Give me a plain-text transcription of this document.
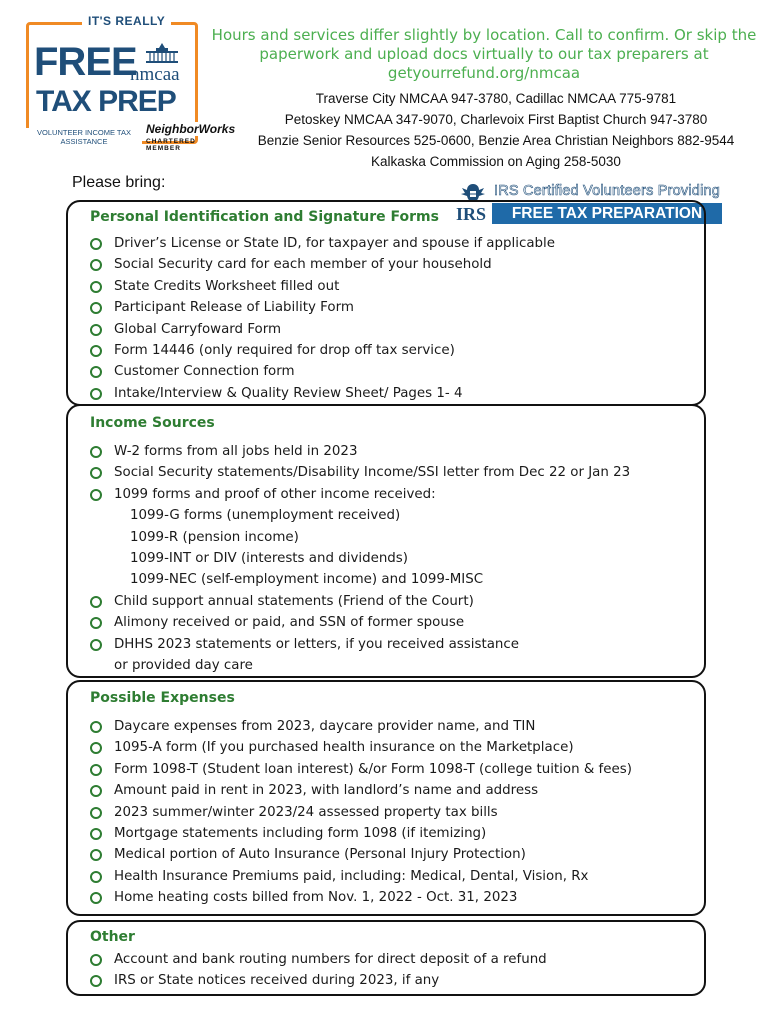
IT'S REALLY
FREE
nmcaa
TAX PREP
VOLUNTEER INCOME TAX ASSISTANCE
NeighborWorks
CHARTERED MEMBER
Hours and services differ slightly by location. Call to confirm. Or skip the paperwork and upload docs virtually to our tax preparers at getyourrefund.org/nmcaa
Traverse City NMCAA 947-3780, Cadillac NMCAA 775-9781
Petoskey NMCAA 347-9070, Charlevoix First Baptist Church 947-3780
Benzie Senior Resources 525-0600, Benzie Area Christian Neighbors 882-9544
Kalkaska Commission on Aging 258-5030
Please bring:
IRS
IRS Certified Volunteers Providing
FREE TAX PREPARATION
Personal Identification and Signature Forms
Driver’s License or State ID, for taxpayer and spouse if applicable
Social Security card for each member of your household
State Credits Worksheet filled out
Participant Release of Liability Form
Global Carryfoward Form
Form 14446 (only required for drop off tax service)
Customer Connection form
Intake/Interview & Quality Review Sheet/ Pages 1- 4
Income Sources
W-2 forms from all jobs held in 2023
Social Security statements/Disability Income/SSI letter from Dec 22 or Jan 23
1099 forms and proof of other income received:
1099-G forms (unemployment received)
1099-R (pension income)
1099-INT or DIV (interests and dividends)
1099-NEC (self-employment income) and 1099-MISC
Child support annual statements (Friend of the Court)
Alimony received or paid, and SSN of former spouse
DHHS 2023 statements or letters, if you received assistance
or provided day care
Possible Expenses
Daycare expenses from 2023, daycare provider name, and TIN
1095-A form (If you purchased health insurance on the Marketplace)
Form 1098-T (Student loan interest) &/or Form 1098-T (college tuition & fees)
Amount paid in rent in 2023, with landlord’s name and address
2023 summer/winter 2023/24 assessed property tax bills
Mortgage statements including form 1098 (if itemizing)
Medical portion of Auto Insurance (Personal Injury Protection)
Health Insurance Premiums paid, including: Medical, Dental, Vision, Rx
Home heating costs billed from Nov. 1, 2022 - Oct. 31, 2023
Other
Account and bank routing numbers for direct deposit of a refund
IRS or State notices received during 2023, if any
